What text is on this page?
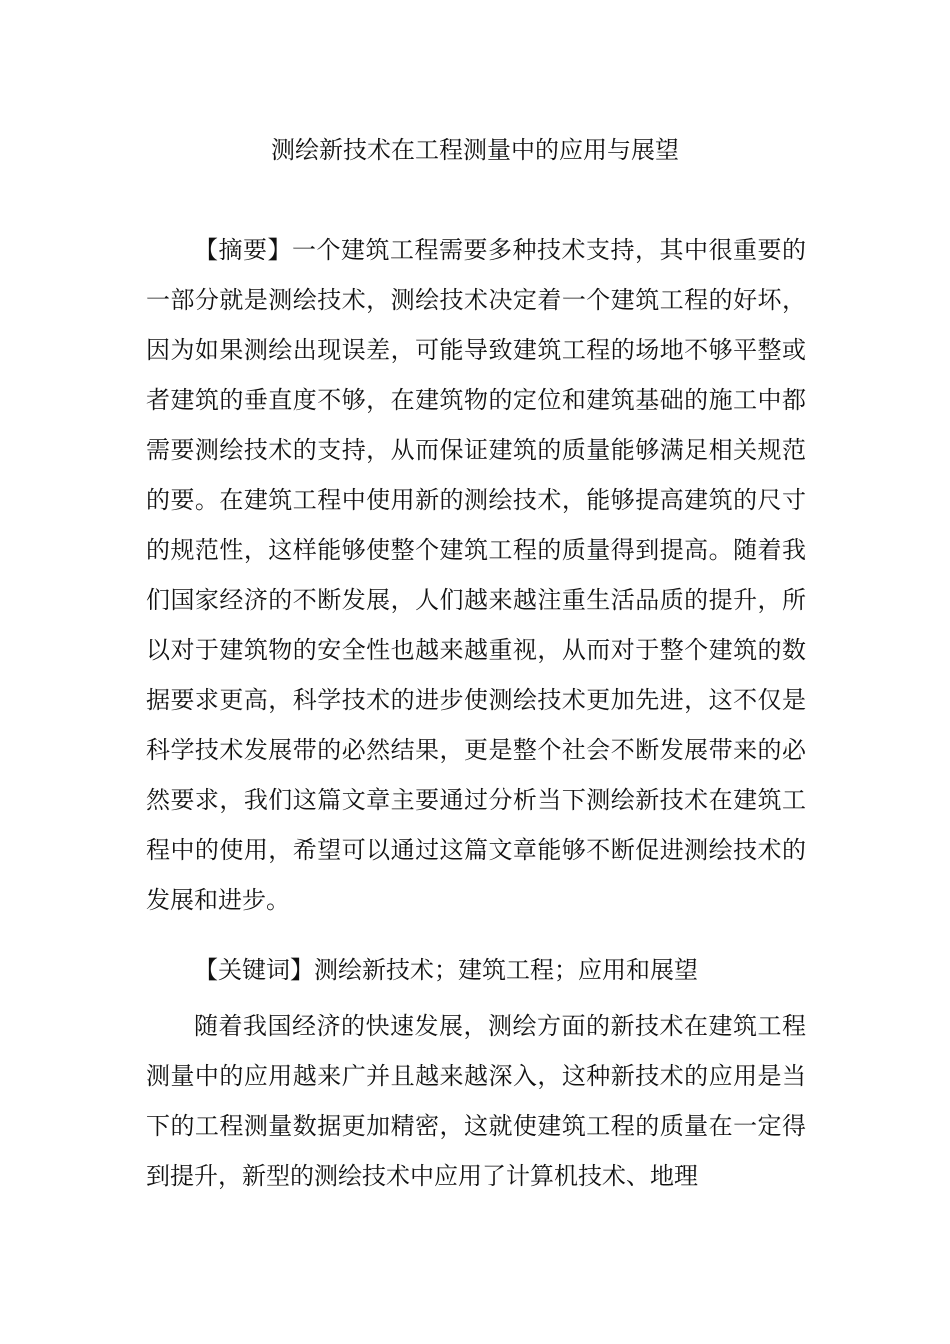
测绘新技术在工程测量中的应用与展望

【摘要】一个建筑工程需要多种技术支持，其中很重要的一部分就是测绘技术，测绘技术决定着一个建筑工程的好坏，因为如果测绘出现误差，可能导致建筑工程的场地不够平整或者建筑的垂直度不够，在建筑物的定位和建筑基础的施工中都需要测绘技术的支持，从而保证建筑的质量能够满足相关规范的要。在建筑工程中使用新的测绘技术，能够提高建筑的尺寸的规范性，这样能够使整个建筑工程的质量得到提高。随着我们国家经济的不断发展，人们越来越注重生活品质的提升，所以对于建筑物的安全性也越来越重视，从而对于整个建筑的数据要求更高，科学技术的进步使测绘技术更加先进，这不仅是科学技术发展带的必然结果，更是整个社会不断发展带来的必然要求，我们这篇文章主要通过分析当下测绘新技术在建筑工程中的使用，希望可以通过这篇文章能够不断促进测绘技术的发展和进步。

【关键词】测绘新技术；建筑工程；应用和展望

随着我国经济的快速发展，测绘方面的新技术在建筑工程测量中的应用越来广并且越来越深入，这种新技术的应用是当下的工程测量数据更加精密，这就使建筑工程的质量在一定得到提升，新型的测绘技术中应用了计算机技术、地理
